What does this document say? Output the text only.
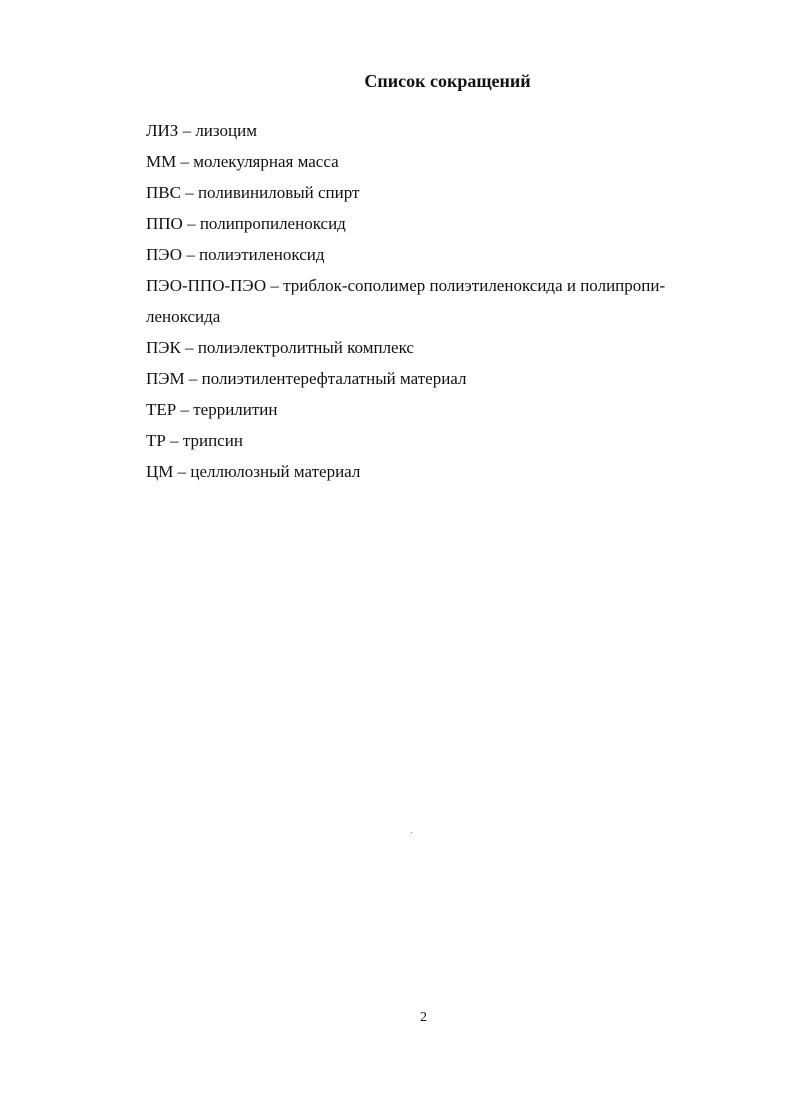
Список сокращений
ЛИЗ – лизоцим
ММ – молекулярная масса
ПВС – поливиниловый спирт
ППО – полипропиленоксид
ПЭО – полиэтиленоксид
ПЭО-ППО-ПЭО – триблок-сополимер полиэтиленоксида и полипропи-
леноксида
ПЭК – полиэлектролитный комплекс
ПЭМ – полиэтилентерефталатный материал
ТЕР – террилитин
ТР – трипсин
ЦМ – целлюлозный материал
2
